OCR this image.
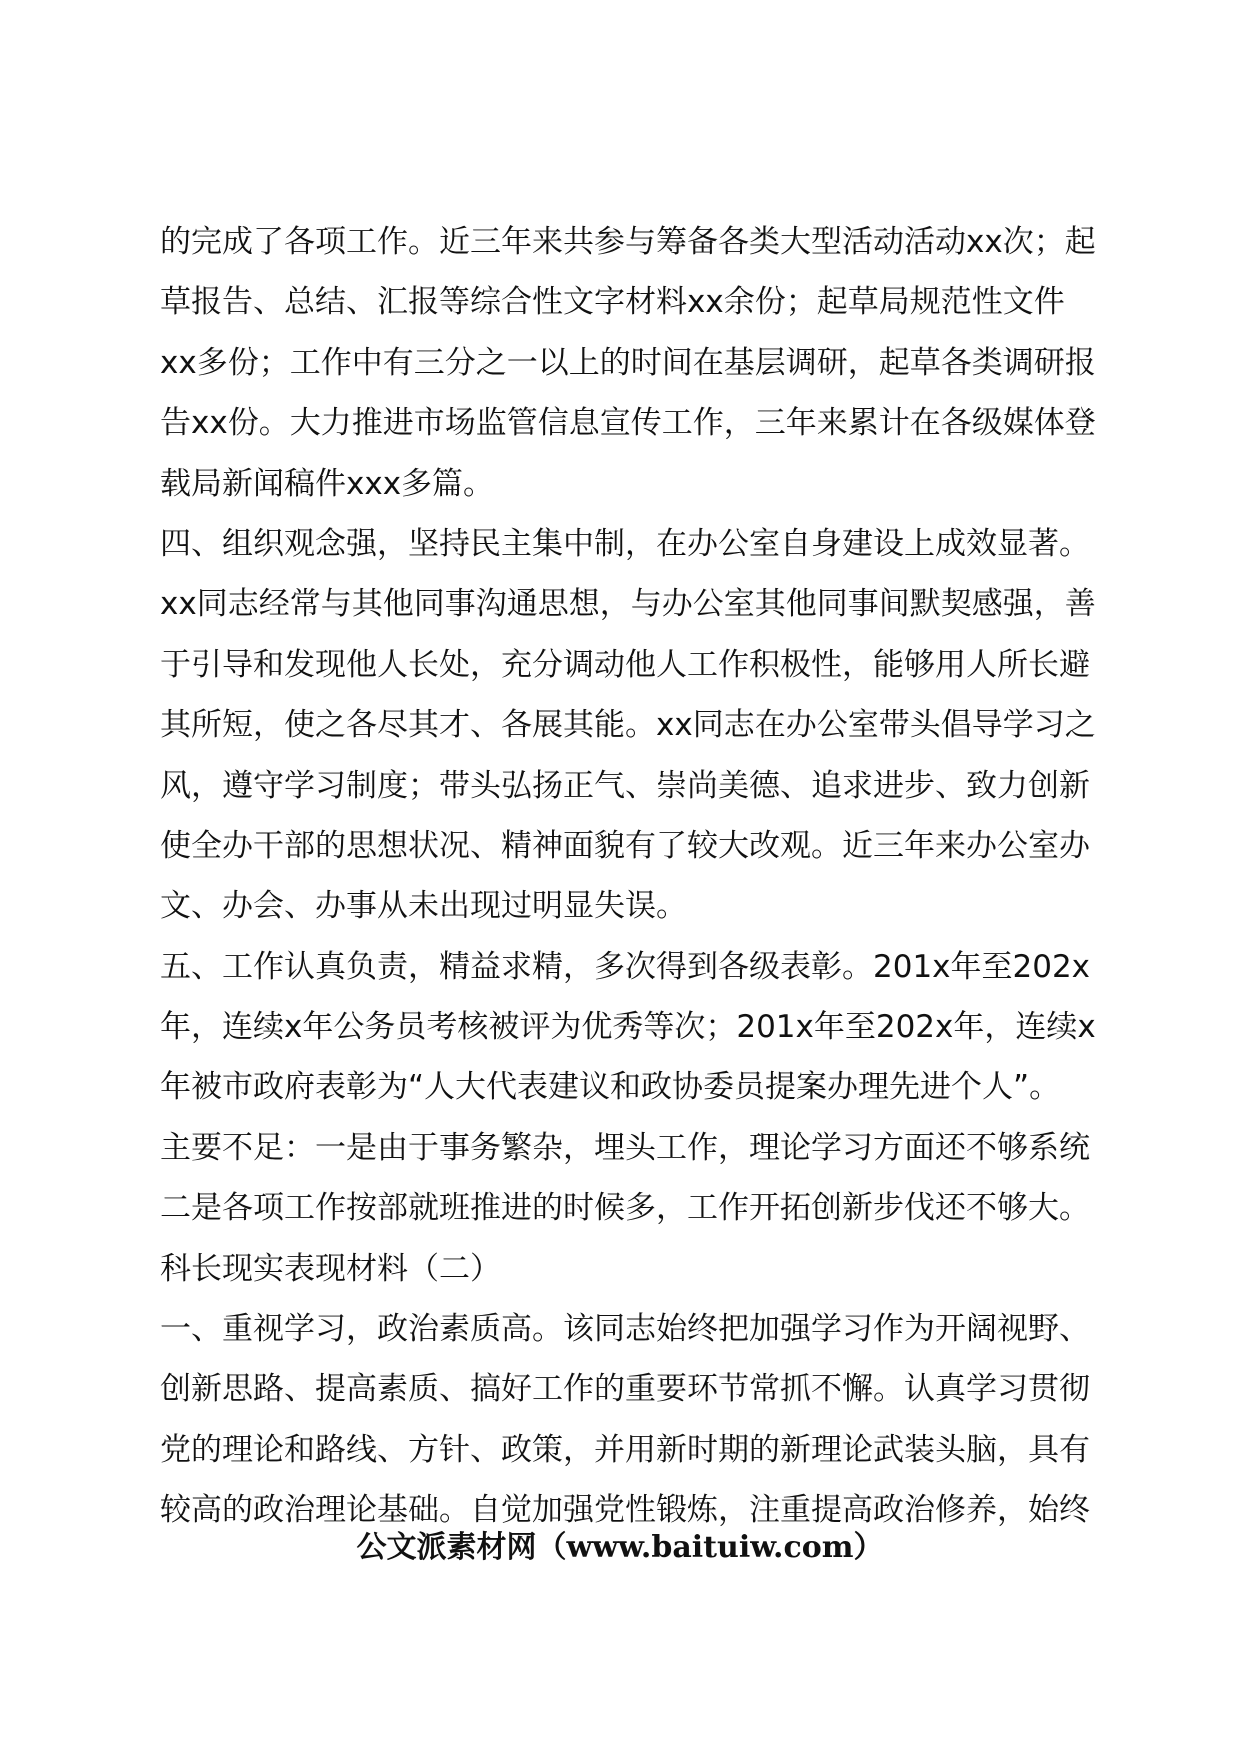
的完成了各项工作。近三年来共参与筹备各类大型活动活动xx次；起
草报告、总结、汇报等综合性文字材料xx余份；起草局规范性文件
xx多份；工作中有三分之一以上的时间在基层调研，起草各类调研报
告xx份。大力推进市场监管信息宣传工作，三年来累计在各级媒体登
载局新闻稿件xxx多篇。
四、组织观念强，坚持民主集中制，在办公室自身建设上成效显著。
xx同志经常与其他同事沟通思想，与办公室其他同事间默契感强，善
于引导和发现他人长处，充分调动他人工作积极性，能够用人所长避
其所短，使之各尽其才、各展其能。xx同志在办公室带头倡导学习之
风，遵守学习制度；带头弘扬正气、崇尚美德、追求进步、致力创新
使全办干部的思想状况、精神面貌有了较大改观。近三年来办公室办
文、办会、办事从未出现过明显失误。
五、工作认真负责，精益求精，多次得到各级表彰。201x年至202x
年，连续x年公务员考核被评为优秀等次；201x年至202x年，连续x
年被市政府表彰为“人大代表建议和政协委员提案办理先进个人”。
主要不足：一是由于事务繁杂，埋头工作，理论学习方面还不够系统
二是各项工作按部就班推进的时候多，工作开拓创新步伐还不够大。
科长现实表现材料（二）
一、重视学习，政治素质高。该同志始终把加强学习作为开阔视野、
创新思路、提高素质、搞好工作的重要环节常抓不懈。认真学习贯彻
党的理论和路线、方针、政策，并用新时期的新理论武装头脑，具有
较高的政治理论基础。自觉加强党性锻炼，注重提高政治修养，始终
公文派素材网（www.baituiw.com）
